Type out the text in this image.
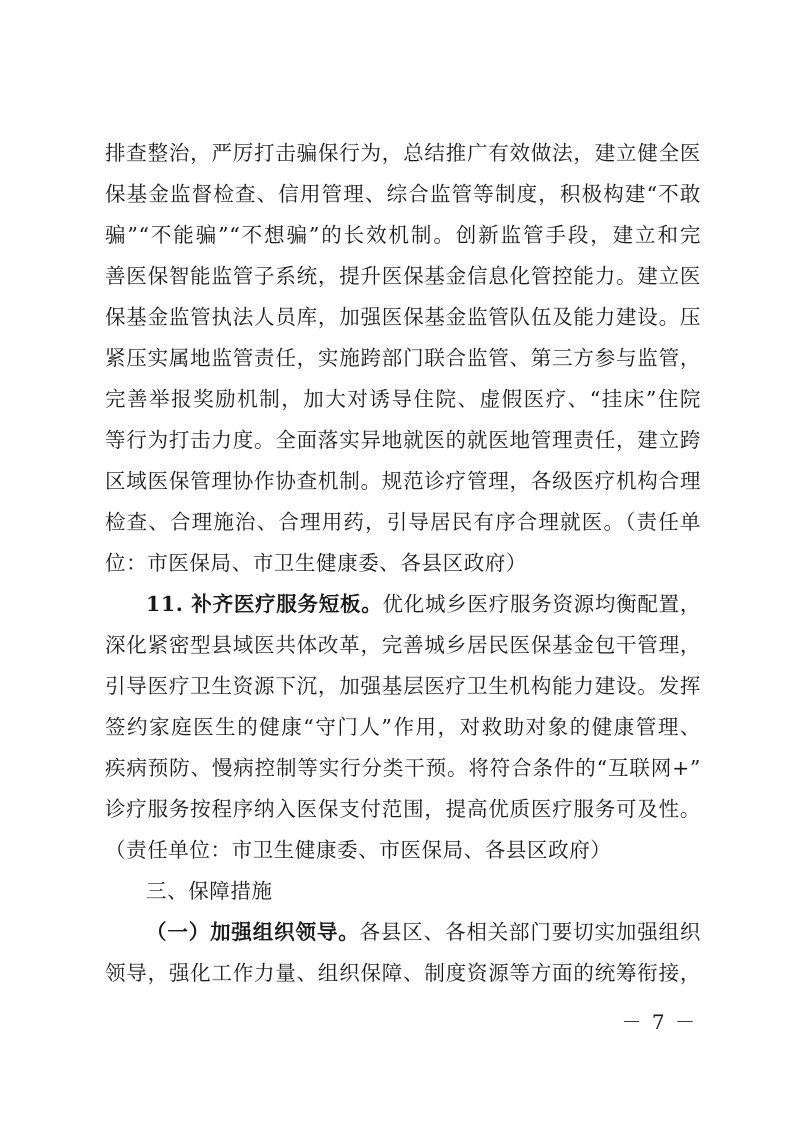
排查整治，严厉打击骗保行为，总结推广有效做法，建立健全医
保基金监督检查、信用管理、综合监管等制度，积极构建“不敢
骗”“不能骗”“不想骗”的长效机制。创新监管手段，建立和完
善医保智能监管子系统，提升医保基金信息化管控能力。建立医
保基金监管执法人员库，加强医保基金监管队伍及能力建设。压
紧压实属地监管责任，实施跨部门联合监管、第三方参与监管，
完善举报奖励机制，加大对诱导住院、虚假医疗、“挂床”住院
等行为打击力度。全面落实异地就医的就医地管理责任，建立跨
区域医保管理协作协查机制。规范诊疗管理，各级医疗机构合理
检查、合理施治、合理用药，引导居民有序合理就医。（责任单
位：市医保局、市卫生健康委、各县区政府）
11. 补齐医疗服务短板。优化城乡医疗服务资源均衡配置，
深化紧密型县域医共体改革，完善城乡居民医保基金包干管理，
引导医疗卫生资源下沉，加强基层医疗卫生机构能力建设。发挥
签约家庭医生的健康“守门人”作用，对救助对象的健康管理、
疾病预防、慢病控制等实行分类干预。将符合条件的“互联网+”
诊疗服务按程序纳入医保支付范围，提高优质医疗服务可及性。
（责任单位：市卫生健康委、市医保局、各县区政府）
三、保障措施
（一）加强组织领导。各县区、各相关部门要切实加强组织
领导，强化工作力量、组织保障、制度资源等方面的统筹衔接，
－ 7 －
